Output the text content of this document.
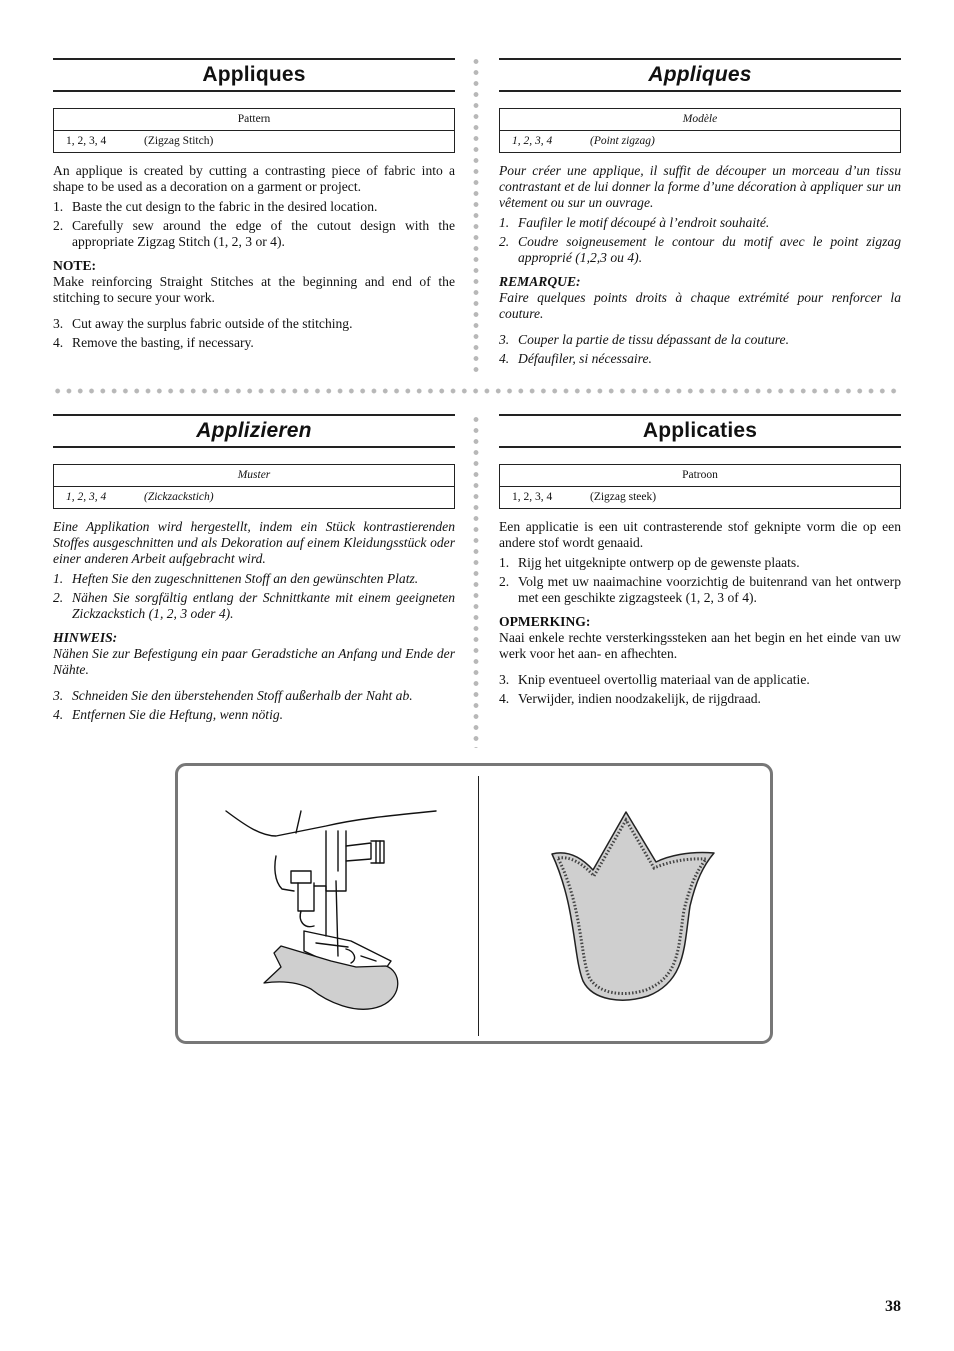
Appliques
Pattern
1, 2, 3, 4	(Zigzag Stitch)

An applique is created by cutting a contrasting piece of fabric into a shape to be used as a decoration on a garment or project.

1. Baste the cut design to the fabric in the desired location.
2. Carefully sew around the edge of the cutout design with the appropriate Zigzag Stitch (1, 2, 3 or 4).

NOTE:

Make reinforcing Straight Stitches at the beginning and end of the stitching to secure your work.

3. Cut away the surplus fabric outside of the stitching.
4. Remove the basting, if necessary.
Appliques
Modèle
1, 2, 3, 4	(Point zigzag)

Pour créer une applique, il suffit de découper un morceau d’un tissu contrastant et de lui donner la forme d’une décoration à appliquer sur un vêtement ou sur un ouvrage.

1. Faufiler le motif découpé à l’endroit souhaité.
2. Coudre soigneusement le contour du motif avec le point zigzag approprié (1,2,3 ou 4).

REMARQUE:

Faire quelques points droits à chaque extrémité pour renforcer la couture.

3. Couper la partie de tissu dépassant de la couture.
4. Défaufiler, si nécessaire.
Applizieren
Muster
1, 2, 3, 4	(Zickzackstich)

Eine Applikation wird hergestellt, indem ein Stück kontrastierenden Stoffes ausgeschnitten und als Dekoration auf einem Kleidungsstück oder einer anderen Arbeit aufgebracht wird.

1. Heften Sie den zugeschnittenen Stoff an den gewünschten Platz.
2. Nähen Sie sorgfältig entlang der Schnittkante mit einem geeigneten Zickzackstich (1, 2, 3 oder 4).

HINWEIS:

Nähen Sie zur Befestigung ein paar Geradstiche an Anfang und Ende der Nähte.

3. Schneiden Sie den überstehenden Stoff außerhalb der Naht ab.
4. Entfernen Sie die Heftung, wenn nötig.
Applicaties
Patroon
1, 2, 3, 4	(Zigzag steek)

Een applicatie is een uit contrasterende stof geknipte vorm die op een andere stof wordt genaaid.

1. Rijg het uitgeknipte ontwerp op de gewenste plaats.
2. Volg met uw naaimachine voorzichtig de buitenrand van het ontwerp met een geschikte zigzagsteek (1, 2, 3 of 4).

OPMERKING:

Naai enkele rechte versterkingssteken aan het begin en het einde van uw werk voor het aan- en afhechten.

3. Knip eventueel overtollig materiaal van de applicatie.
4. Verwijder, indien noodzakelijk, de rijgdraad.
38
